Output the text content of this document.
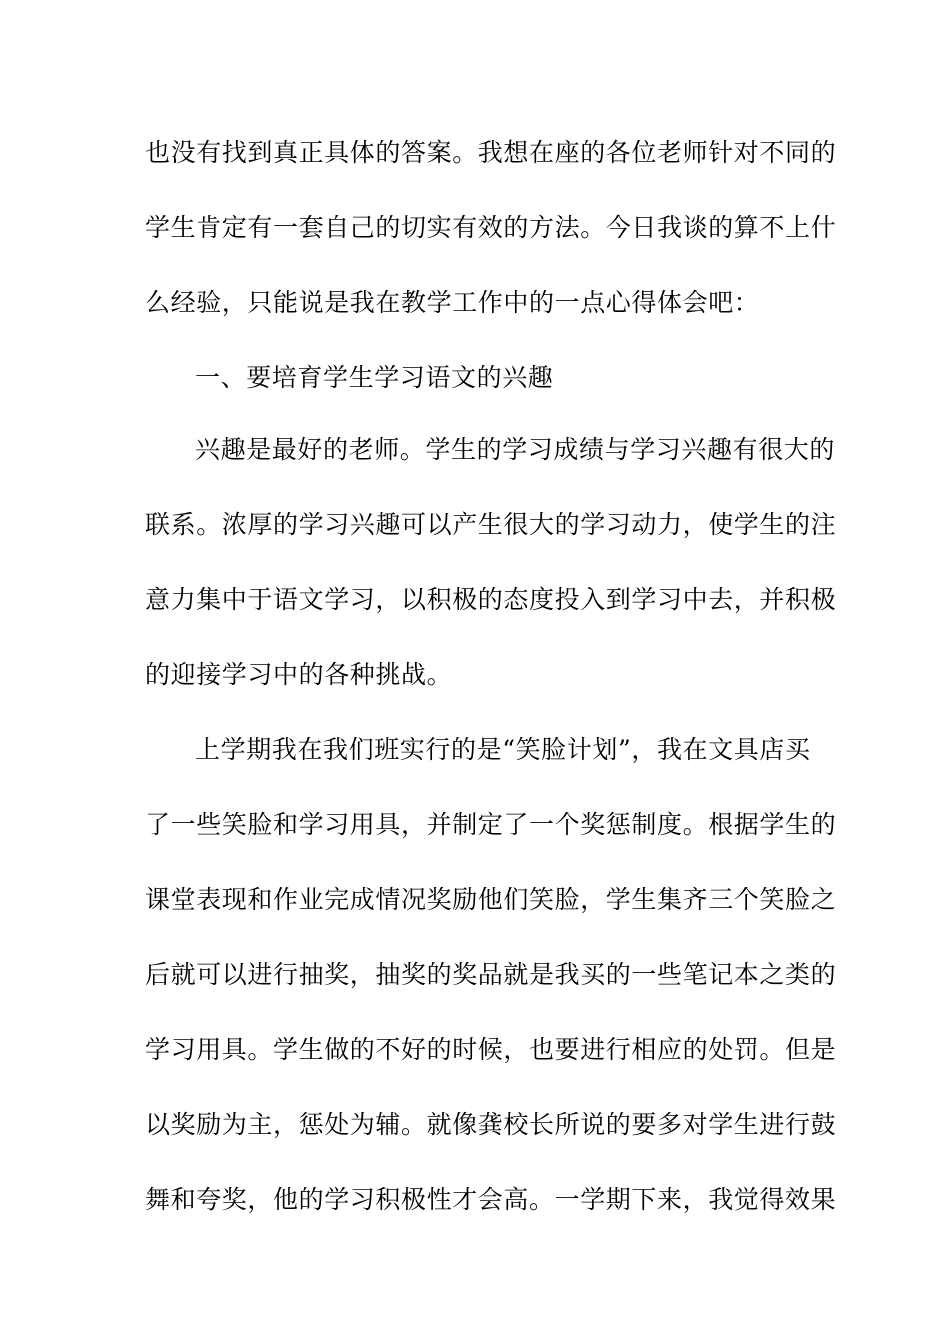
也没有找到真正具体的答案。我想在座的各位老师针对不同的
学生肯定有一套自己的切实有效的方法。今日我谈的算不上什
么经验，只能说是我在教学工作中的一点心得体会吧：
一、要培育学生学习语文的兴趣
兴趣是最好的老师。学生的学习成绩与学习兴趣有很大的
联系。浓厚的学习兴趣可以产生很大的学习动力，使学生的注
意力集中于语文学习，以积极的态度投入到学习中去，并积极
的迎接学习中的各种挑战。
上学期我在我们班实行的是“笑脸计划”，我在文具店买
了一些笑脸和学习用具，并制定了一个奖惩制度。根据学生的
课堂表现和作业完成情况奖励他们笑脸，学生集齐三个笑脸之
后就可以进行抽奖，抽奖的奖品就是我买的一些笔记本之类的
学习用具。学生做的不好的时候，也要进行相应的处罚。但是
以奖励为主，惩处为辅。就像龚校长所说的要多对学生进行鼓
舞和夸奖，他的学习积极性才会高。一学期下来，我觉得效果
